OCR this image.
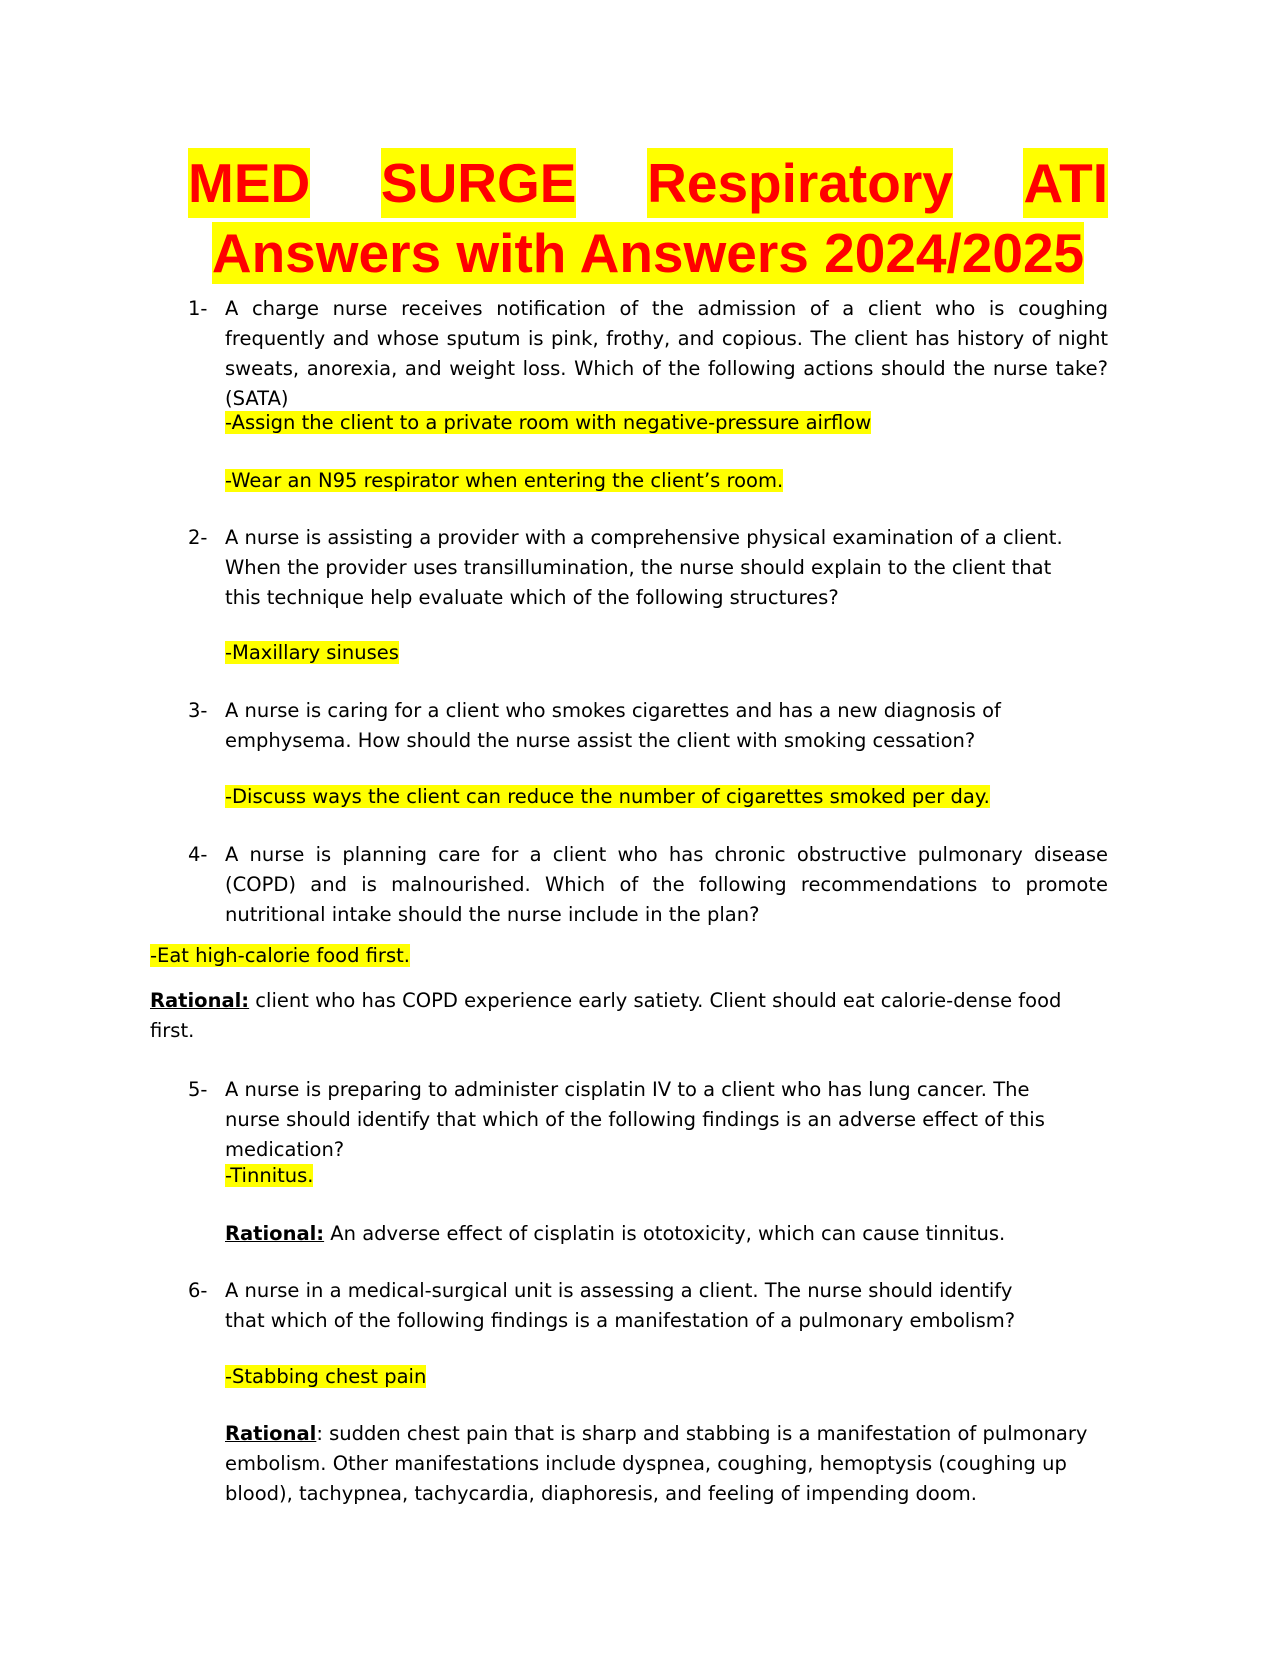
MED SURGE Respiratory ATI
Answers with Answers 2024/2025
1- A charge nurse receives notification of the admission of a client who is coughing frequently and whose sputum is pink, frothy, and copious. The client has history of night sweats, anorexia, and weight loss. Which of the following actions should the nurse take? (SATA)
-Assign the client to a private room with negative-pressure airflow
-Wear an N95 respirator when entering the client’s room.
2- A nurse is assisting a provider with a comprehensive physical examination of a client. When the provider uses transillumination, the nurse should explain to the client that this technique help evaluate which of the following structures?
-Maxillary sinuses
3- A nurse is caring for a client who smokes cigarettes and has a new diagnosis of emphysema. How should the nurse assist the client with smoking cessation?
-Discuss ways the client can reduce the number of cigarettes smoked per day.
4- A nurse is planning care for a client who has chronic obstructive pulmonary disease (COPD) and is malnourished. Which of the following recommendations to promote nutritional intake should the nurse include in the plan?
-Eat high-calorie food first.
Rational: client who has COPD experience early satiety. Client should eat calorie-dense food first.
5- A nurse is preparing to administer cisplatin IV to a client who has lung cancer. The nurse should identify that which of the following findings is an adverse effect of this medication?
-Tinnitus.
Rational: An adverse effect of cisplatin is ototoxicity, which can cause tinnitus.
6- A nurse in a medical-surgical unit is assessing a client. The nurse should identify that which of the following findings is a manifestation of a pulmonary embolism?
-Stabbing chest pain
Rational: sudden chest pain that is sharp and stabbing is a manifestation of pulmonary embolism. Other manifestations include dyspnea, coughing, hemoptysis (coughing up blood), tachypnea, tachycardia, diaphoresis, and feeling of impending doom.
